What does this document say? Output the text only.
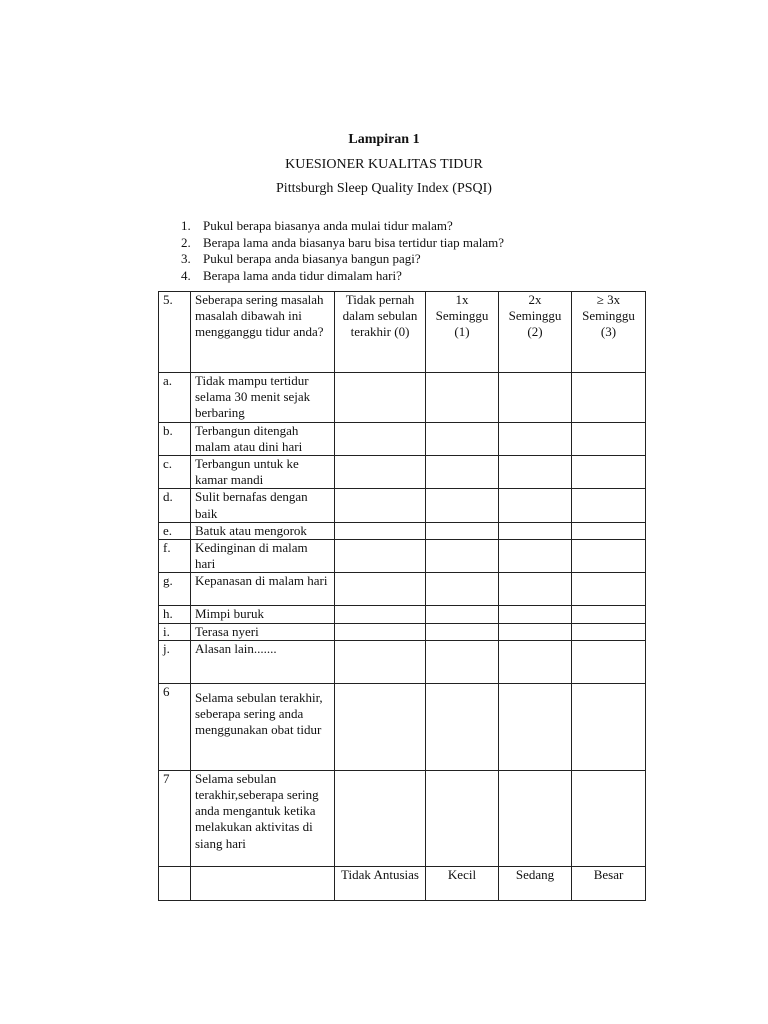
Lampiran 1
KUESIONER KUALITAS TIDUR
Pittsburgh Sleep Quality Index (PSQI)
1. Pukul berapa biasanya anda mulai tidur malam?
2. Berapa lama anda biasanya baru bisa tertidur tiap malam?
3. Pukul berapa anda biasanya bangun pagi?
4. Berapa lama anda tidur dimalam hari?
5.	Seberapa sering masalah masalah dibawah ini mengganggu tidur anda?	Tidak pernah dalam sebulan terakhir (0)	1x Seminggu (1)	2x Seminggu (2)	≥ 3x Seminggu (3)
a.	Tidak mampu tertidur selama 30 menit sejak berbaring				
b.	Terbangun ditengah malam atau dini hari				
c.	Terbangun untuk ke kamar mandi				
d.	Sulit bernafas dengan baik				
e.	Batuk atau mengorok				
f.	Kedinginan di malam hari				
g.	Kepanasan di malam hari				
h.	Mimpi buruk				
i.	Terasa nyeri				
j.	Alasan lain.......				
6	Selama sebulan terakhir, seberapa sering anda menggunakan obat tidur				
7	Selama sebulan terakhir,seberapa sering anda mengantuk ketika melakukan aktivitas di siang hari				
		Tidak Antusias	Kecil	Sedang	Besar
